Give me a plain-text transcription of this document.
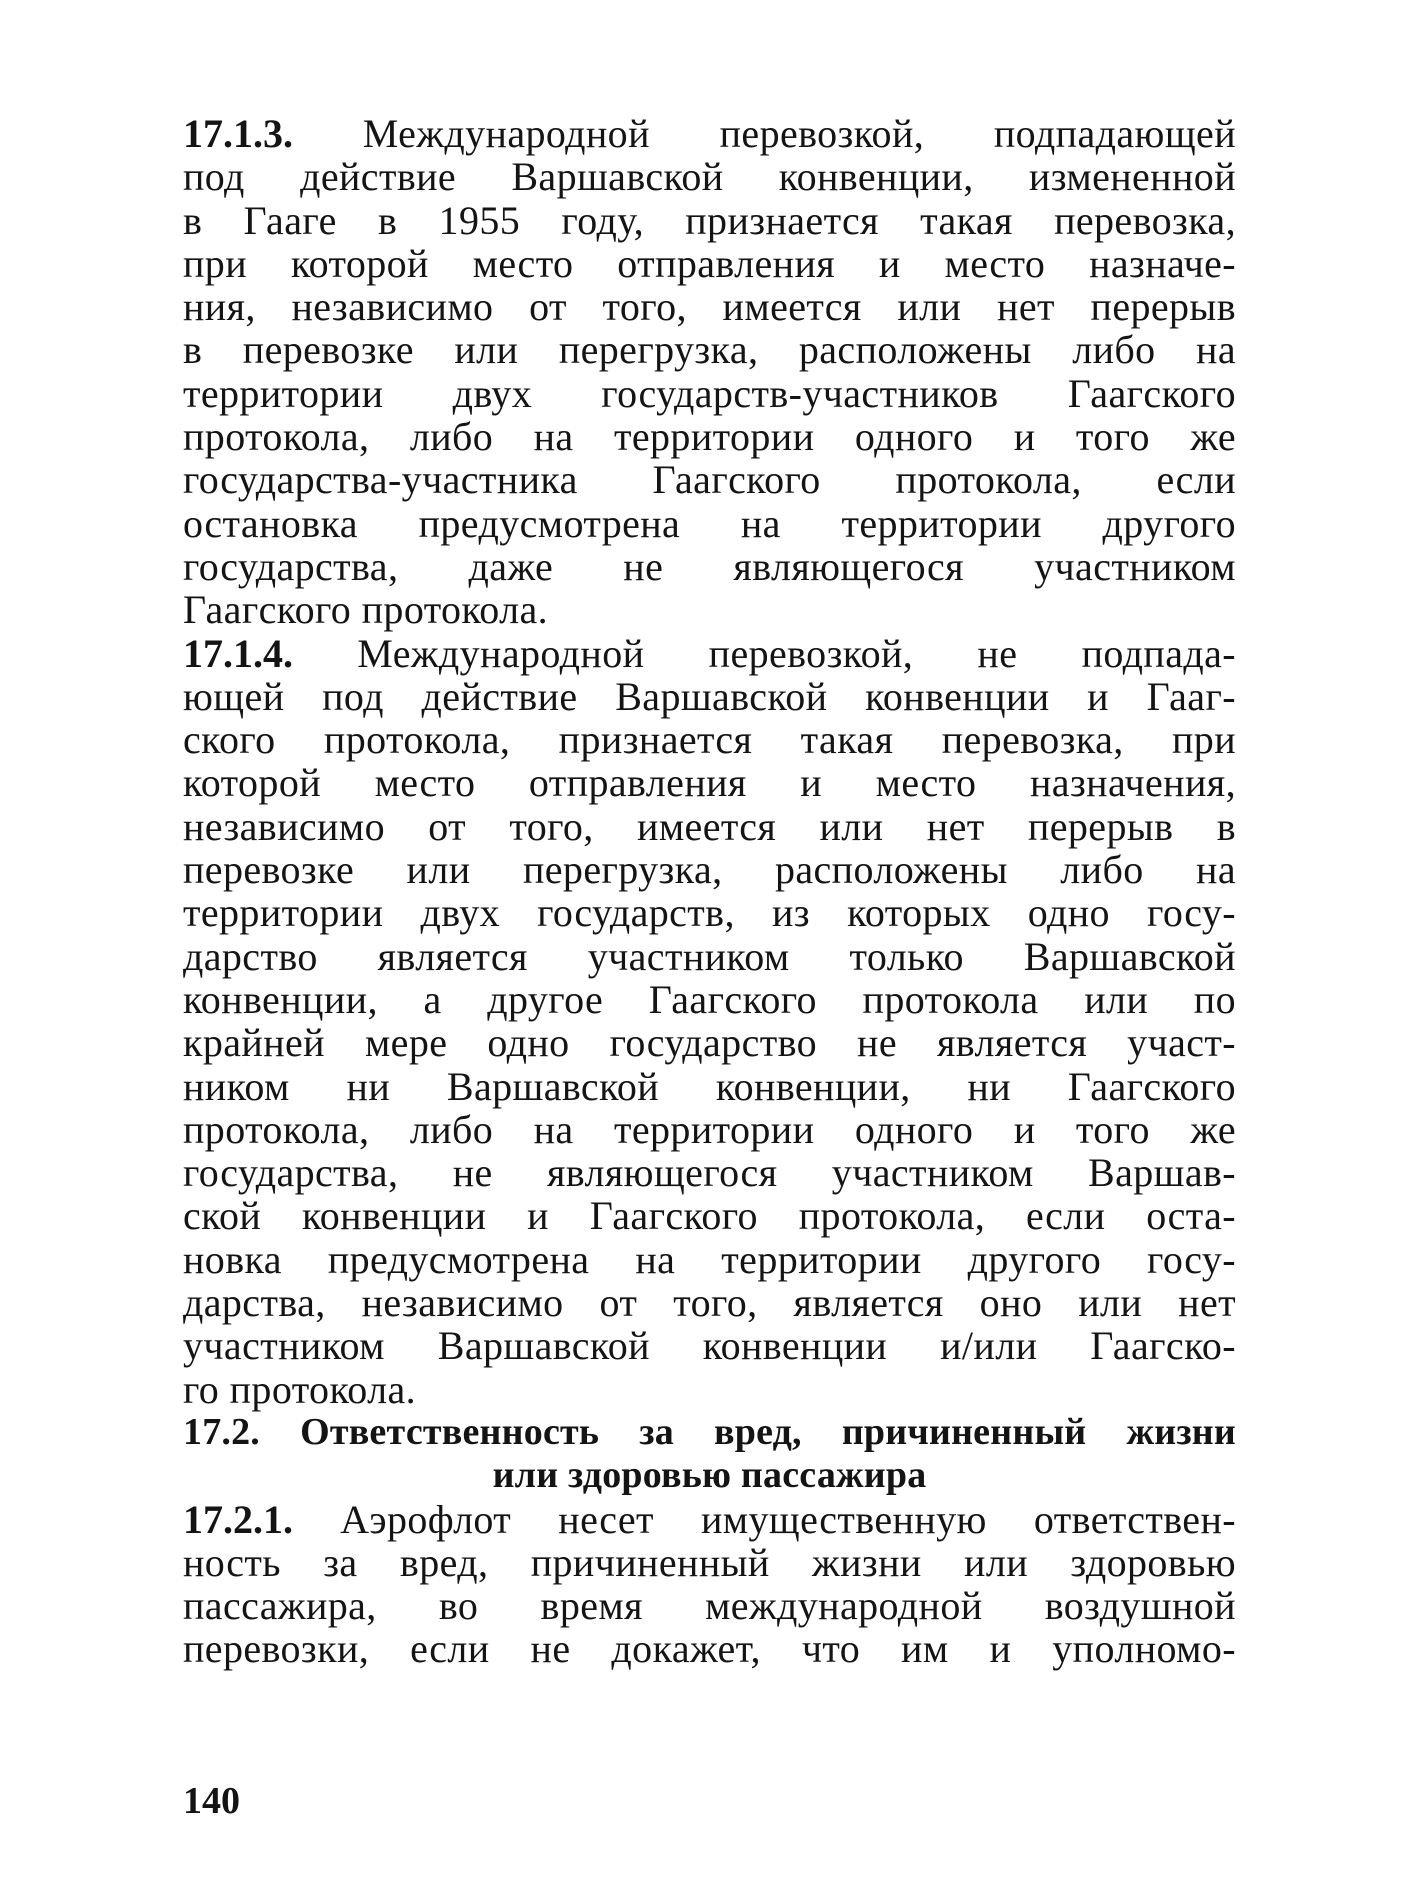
17.1.3. Международной перевозкой, подпадающей
под действие Варшавской конвенции, измененной
в Гааге в 1955 году, признается такая перевозка,
при которой место отправления и место назначе-
ния, независимо от того, имеется или нет перерыв
в перевозке или перегрузка, расположены либо на
территории двух государств-участников Гаагского
протокола, либо на территории одного и того же
государства-участника Гаагского протокола, если
остановка предусмотрена на территории другого
государства, даже не являющегося участником
Гаагского протокола.
17.1.4. Международной перевозкой, не подпада-
ющей под действие Варшавской конвенции и Гааг-
ского протокола, признается такая перевозка, при
которой место отправления и место назначения,
независимо от того, имеется или нет перерыв в
перевозке или перегрузка, расположены либо на
территории двух государств, из которых одно госу-
дарство является участником только Варшавской
конвенции, а другое Гаагского протокола или по
крайней мере одно государство не является участ-
ником ни Варшавской конвенции, ни Гаагского
протокола, либо на территории одного и того же
государства, не являющегося участником Варшав-
ской конвенции и Гаагского протокола, если оста-
новка предусмотрена на территории другого госу-
дарства, независимо от того, является оно или нет
участником Варшавской конвенции и/или Гаагско-
го протокола.
17.2. Ответственность за вред, причиненный жизни
или здоровью пассажира
17.2.1. Аэрофлот несет имущественную ответствен-
ность за вред, причиненный жизни или здоровью
пассажира, во время международной воздушной
перевозки, если не докажет, что им и уполномо-
140
